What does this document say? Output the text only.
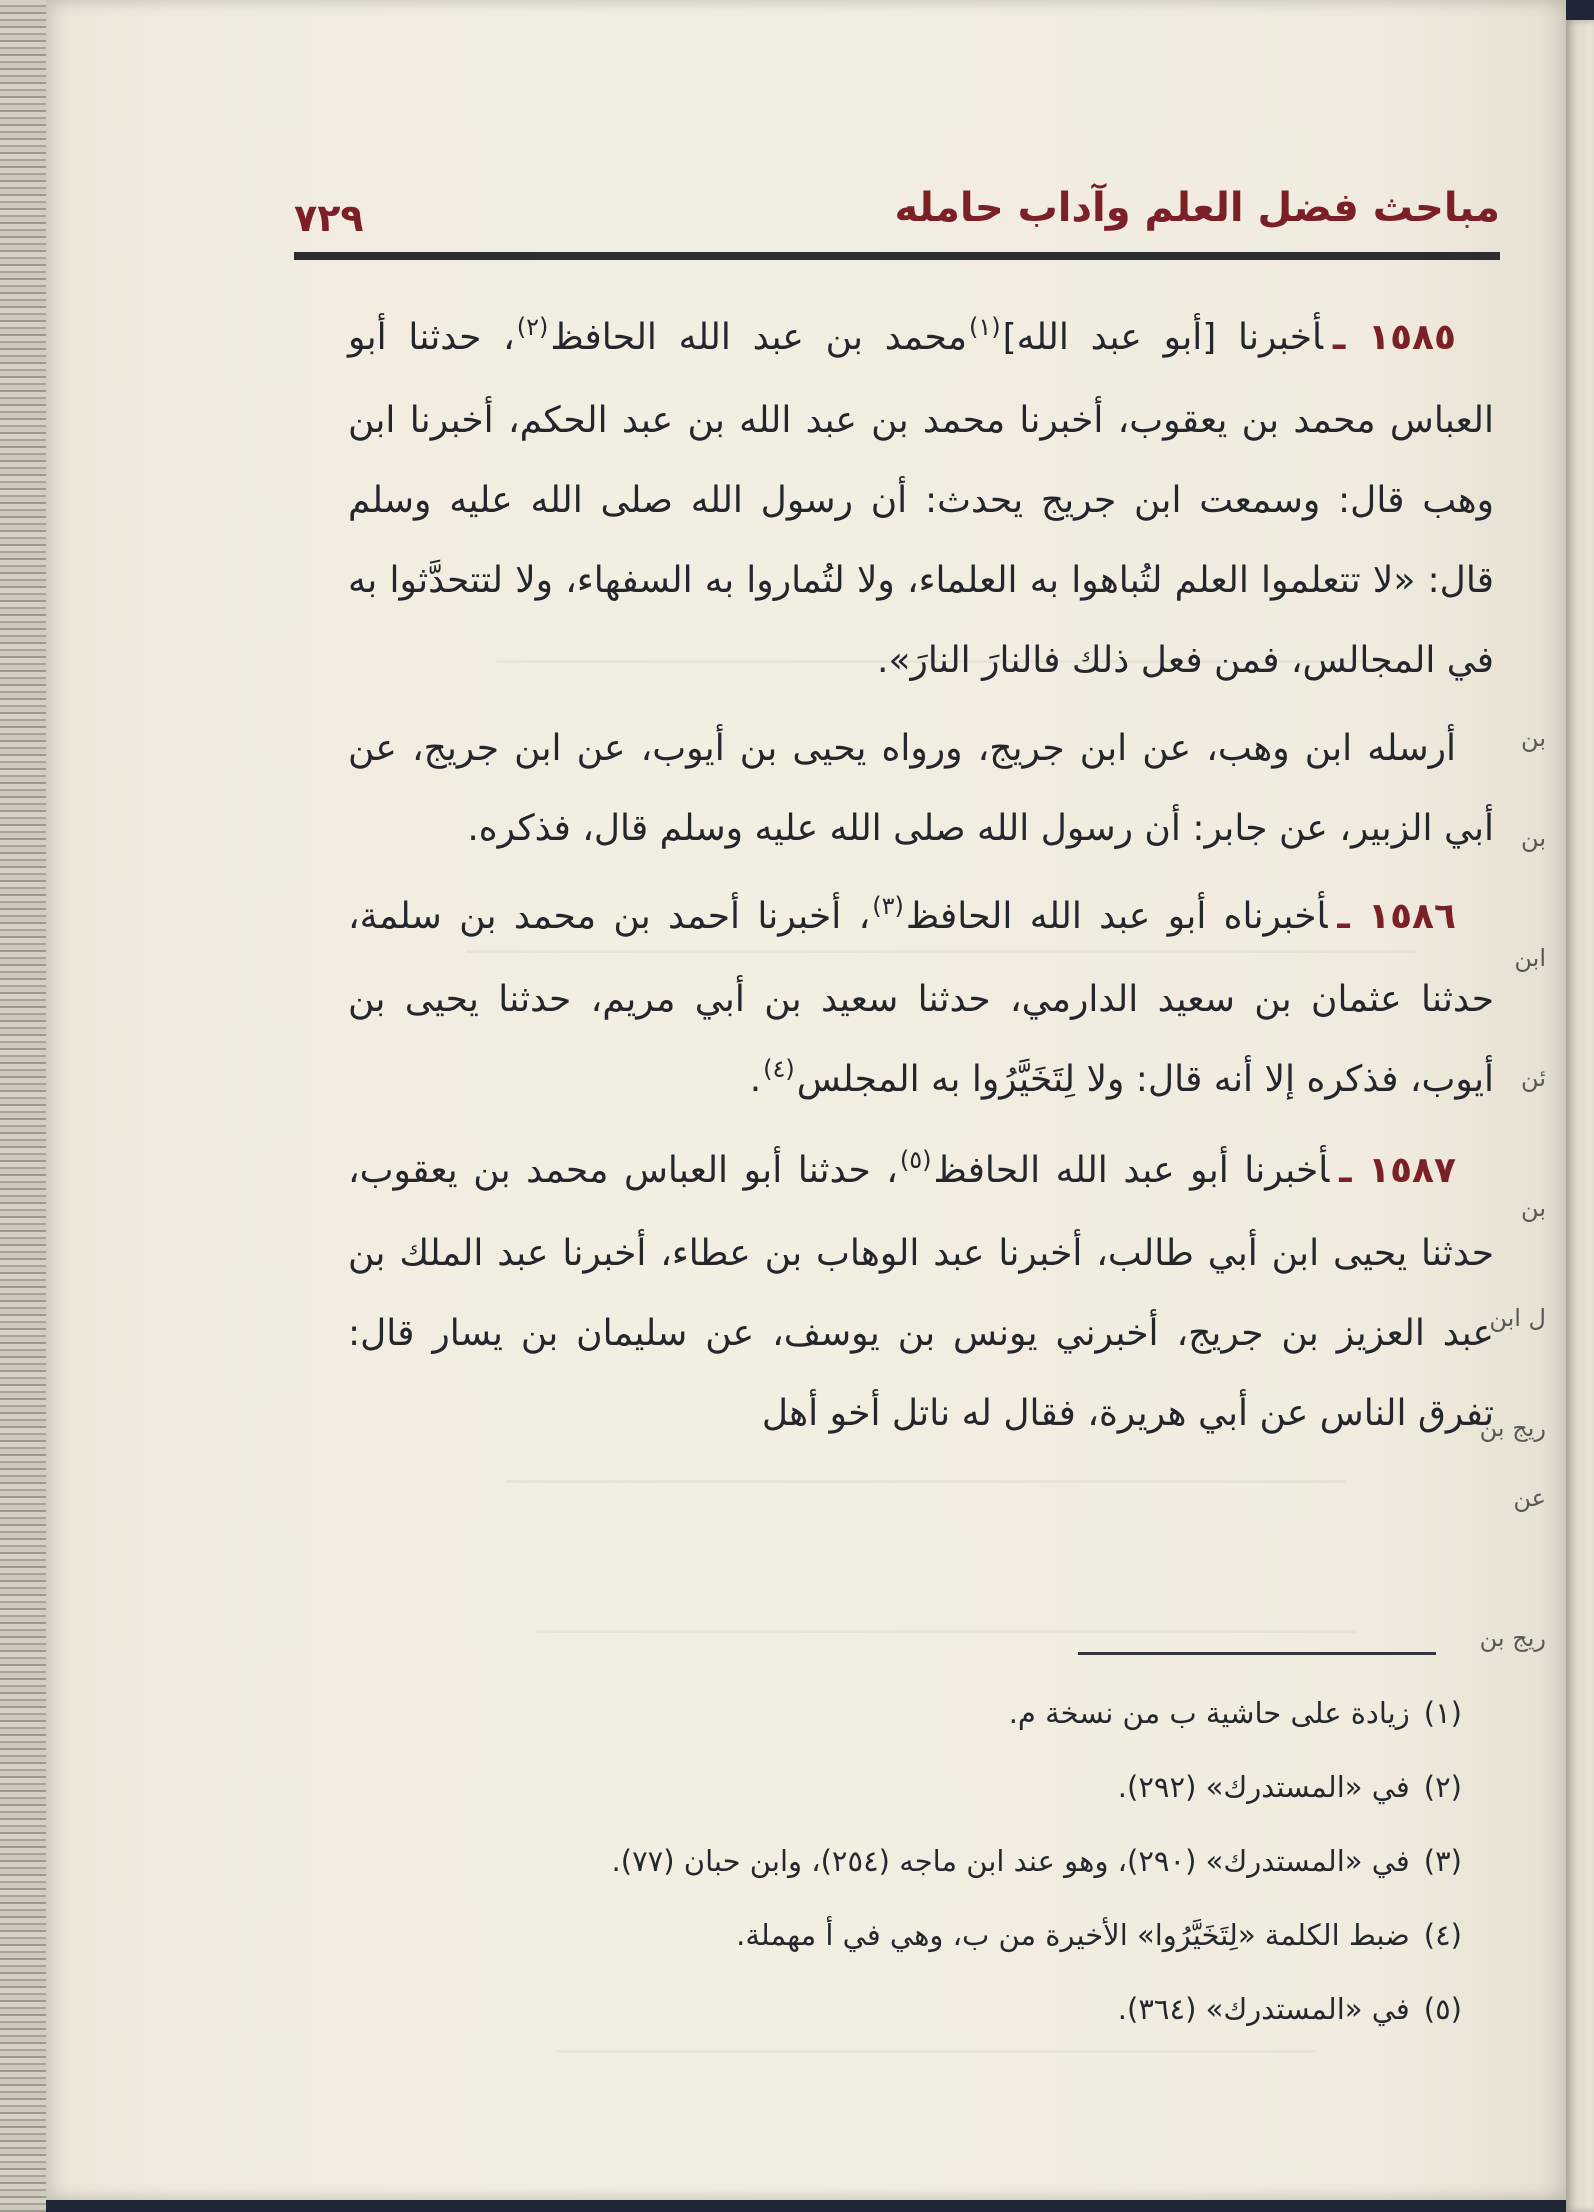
مباحث فضل العلم وآداب حامله
٧٢٩

١٥٨٥ ـأخبرنا [أبو عبد الله]$^{(١)}$محمد بن عبد الله الحافظ$^{(٢)}$، حدثنا أبو العباس محمد بن يعقوب، أخبرنا محمد بن عبد الله بن عبد الحكم، أخبرنا ابن وهب قال: وسمعت ابن جريج يحدث: أن رسول الله صلى الله عليه وسلم قال: «لا تتعلموا العلم لتُباهوا به العلماء، ولا لتُماروا به السفهاء، ولا لتتحدَّثوا به في المجالس، فمن فعل ذلك فالنارَ النارَ».

أرسله ابن وهب، عن ابن جريج، ورواه يحيى بن أيوب، عن ابن جريج، عن أبي الزبير، عن جابر: أن رسول الله صلى الله عليه وسلم قال، فذكره.

١٥٨٦ ـأخبرناه أبو عبد الله الحافظ$^{(٣)}$، أخبرنا أحمد بن محمد بن سلمة، حدثنا عثمان بن سعيد الدارمي، حدثنا سعيد بن أبي مريم، حدثنا يحيى بن أيوب، فذكره إلا أنه قال: ولا لِتَخَيَّرُوا به المجلس$^{(٤)}$.

١٥٨٧ ـأخبرنا أبو عبد الله الحافظ$^{(٥)}$، حدثنا أبو العباس محمد بن يعقوب، حدثنا يحيى ابن أبي طالب، أخبرنا عبد الوهاب بن عطاء، أخبرنا عبد الملك بن عبد العزيز بن جريج، أخبرني يونس بن يوسف، عن سليمان بن يسار قال: تفرق الناس عن أبي هريرة، فقال له ناتل أخو أهل

(١)زيادة على حاشية ب من نسخة م.
(٢)في «المستدرك» (٢٩٢).
(٣)في «المستدرك» (٢٩٠)، وهو عند ابن ماجه (٢٥٤)، وابن حبان (٧٧).
(٤)ضبط الكلمة «لِتَخَيَّرُوا» الأخيرة من ب، وهي في أ مهملة.
(٥)في «المستدرك» (٣٦٤).
بن
بن
ابن
ئن
بن
ل ابن
ريج بن
عن
ريج بن
